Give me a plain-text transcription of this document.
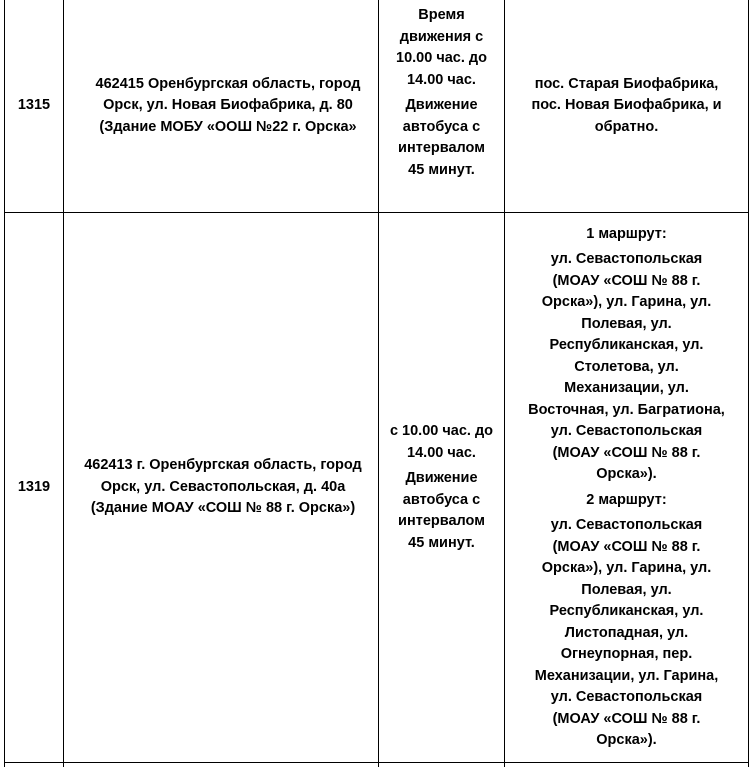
1315

462415 Оренбургская область, город Орск, ул. Новая Биофабрика, д. 80 (Здание МОБУ «ООШ №22 г. Орска»

Время движения с 10.00 час. до 14.00 час.

Движение автобуса с интервалом 45 минут.

пос. Старая Биофабрика, пос. Новая Биофабрика, и обратно.

1319

462413 г. Оренбургская область, город Орск, ул. Севастопольская, д. 40а (Здание МОАУ «СОШ № 88 г. Орска»)

с 10.00 час. до 14.00 час.

Движение автобуса с интервалом 45 минут.

1 маршрут:

ул. Севастопольская (МОАУ «СОШ № 88 г. Орска»), ул. Гарина, ул. Полевая, ул. Республиканская, ул. Столетова, ул. Механизации, ул. Восточная, ул. Багратиона, ул. Севастопольская (МОАУ «СОШ № 88 г. Орска»).

2 маршрут:

ул. Севастопольская (МОАУ «СОШ № 88 г. Орска»), ул. Гарина, ул. Полевая, ул. Республиканская, ул. Листопадная, ул. Огнеупорная, пер. Механизации, ул. Гарина, ул. Севастопольская (МОАУ «СОШ № 88 г. Орска»).
